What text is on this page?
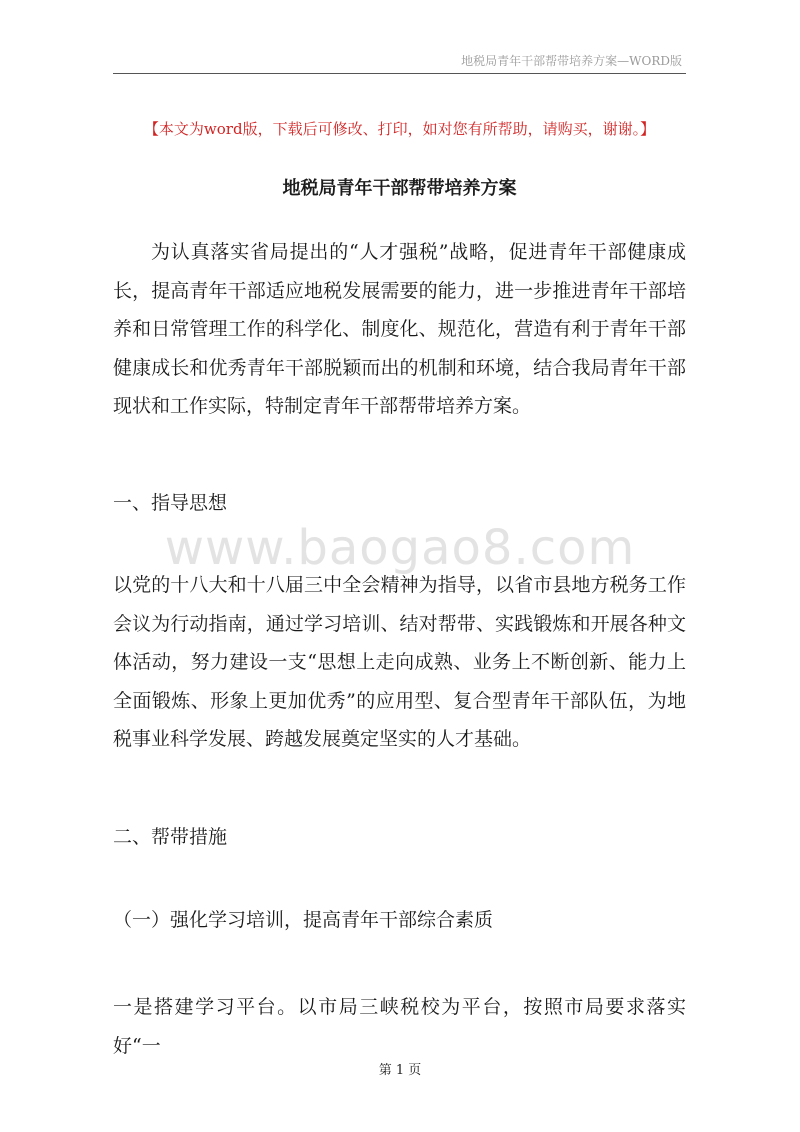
地税局青年干部帮带培养方案—WORD版
【本文为word版，下载后可修改、打印，如对您有所帮助，请购买，谢谢。】
地税局青年干部帮带培养方案

为认真落实省局提出的“人才强税”战略，促进青年干部健康成长，提高青年干部适应地税发展需要的能力，进一步推进青年干部培养和日常管理工作的科学化、制度化、规范化，营造有利于青年干部健康成长和优秀青年干部脱颖而出的机制和环境，结合我局青年干部现状和工作实际，特制定青年干部帮带培养方案。

一、指导思想

www.baogao8.com

以党的十八大和十八届三中全会精神为指导，以省市县地方税务工作会议为行动指南，通过学习培训、结对帮带、实践锻炼和开展各种文体活动，努力建设一支“思想上走向成熟、业务上不断创新、能力上全面锻炼、形象上更加优秀”的应用型、复合型青年干部队伍，为地税事业科学发展、跨越发展奠定坚实的人才基础。

二、帮带措施

（一）强化学习培训，提高青年干部综合素质

一是搭建学习平台。以市局三峡税校为平台，按照市局要求落实好“一

第 1 页
